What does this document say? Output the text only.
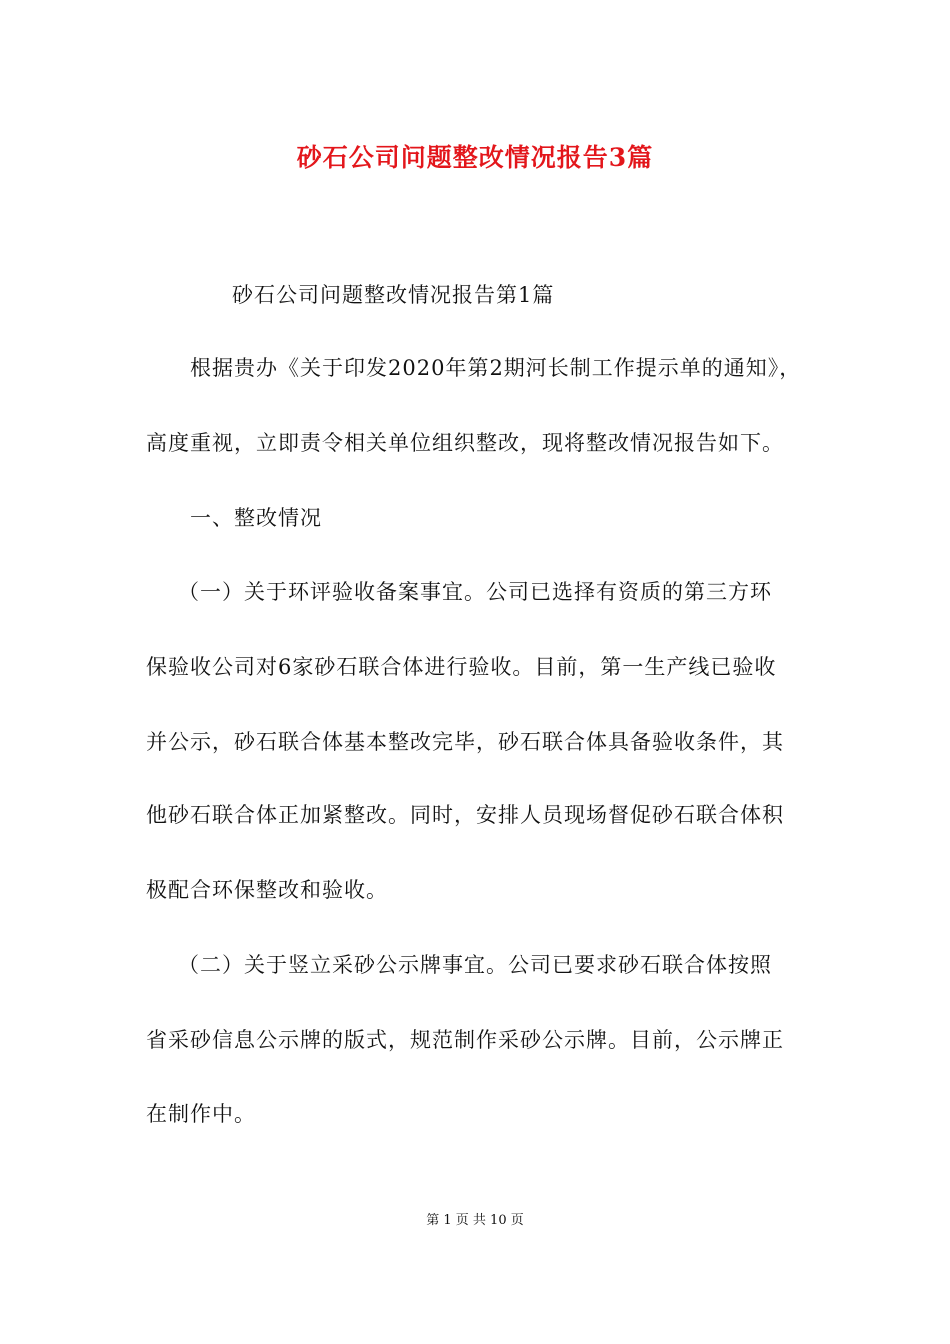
砂石公司问题整改情况报告3篇
砂石公司问题整改情况报告第1篇
根据贵办《关于印发2020年第2期河长制工作提示单的通知》，
高度重视，立即责令相关单位组织整改，现将整改情况报告如下。
一、整改情况
（一）关于环评验收备案事宜。公司已选择有资质的第三方环
保验收公司对6家砂石联合体进行验收。目前，第一生产线已验收
并公示，砂石联合体基本整改完毕，砂石联合体具备验收条件，其
他砂石联合体正加紧整改。同时，安排人员现场督促砂石联合体积
极配合环保整改和验收。
（二）关于竖立采砂公示牌事宜。公司已要求砂石联合体按照
省采砂信息公示牌的版式，规范制作采砂公示牌。目前，公示牌正
在制作中。
第 1 页 共 10 页
